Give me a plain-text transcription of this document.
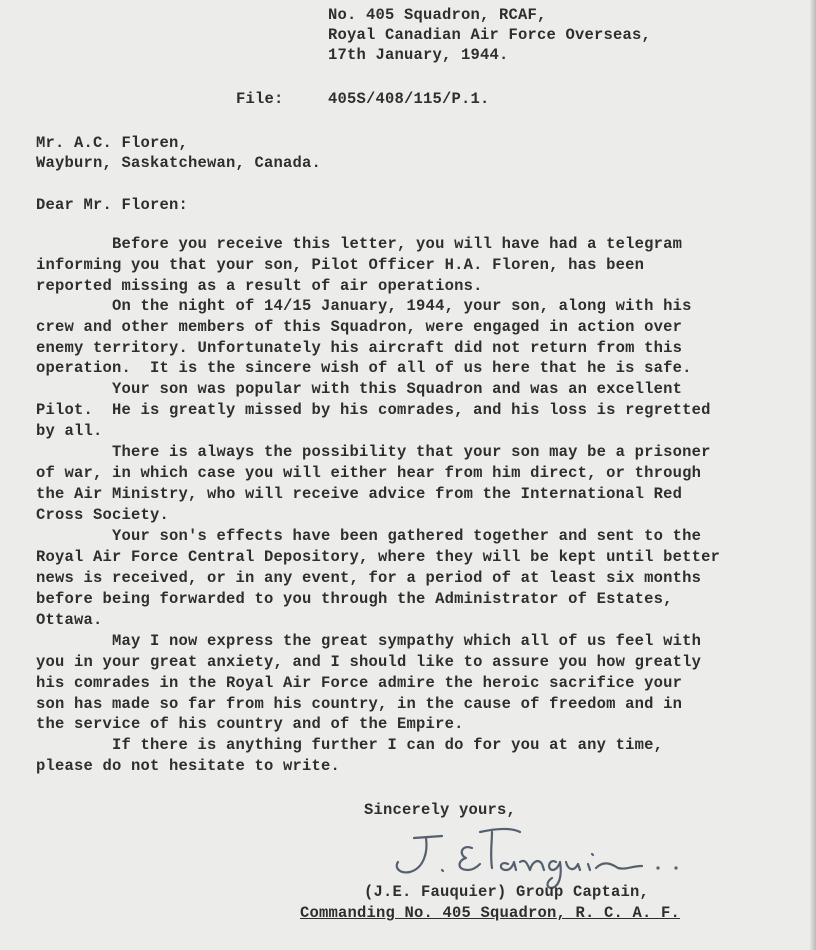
No. 405 Squadron, RCAF,
Royal Canadian Air Force Overseas,
17th January, 1944.
File:	405S/408/115/P.1.
Mr. A.C. Floren,
Wayburn, Saskatchewan, Canada.
Dear Mr. Floren:
Before you receive this letter, you will have had a telegram
informing you that your son, Pilot Officer H.A. Floren, has been
reported missing as a result of air operations.
On the night of 14/15 January, 1944, your son, along with his
crew and other members of this Squadron, were engaged in action over
enemy territory. Unfortunately his aircraft did not return from this
operation.  It is the sincere wish of all of us here that he is safe.
Your son was popular with this Squadron and was an excellent
Pilot.  He is greatly missed by his comrades, and his loss is regretted
by all.
There is always the possibility that your son may be a prisoner
of war, in which case you will either hear from him direct, or through
the Air Ministry, who will receive advice from the International Red
Cross Society.
Your son's effects have been gathered together and sent to the
Royal Air Force Central Depository, where they will be kept until better
news is received, or in any event, for a period of at least six months
before being forwarded to you through the Administrator of Estates,
Ottawa.
May I now express the great sympathy which all of us feel with
you in your great anxiety, and I should like to assure you how greatly
his comrades in the Royal Air Force admire the heroic sacrifice your
son has made so far from his country, in the cause of freedom and in
the service of his country and of the Empire.
If there is anything further I can do for you at any time,
please do not hesitate to write.
Sincerely yours,
(J.E. Fauquier) Group Captain,
Commanding No. 405 Squadron, R. C. A. F.
